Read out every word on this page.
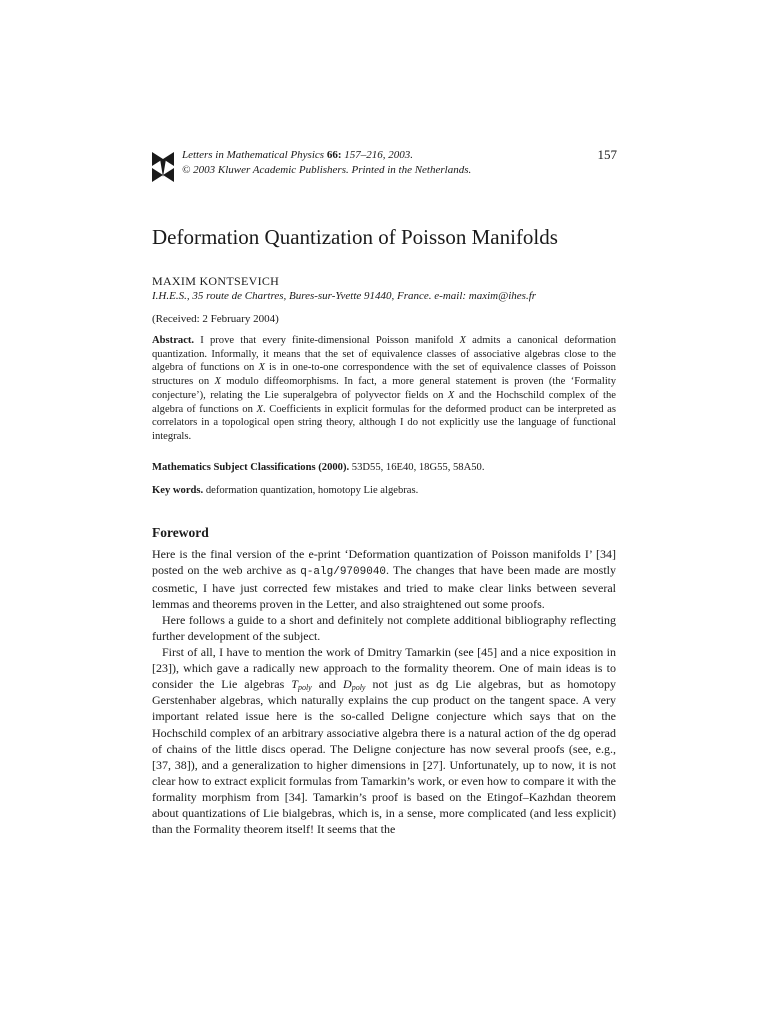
Letters in Mathematical Physics 66: 157–216, 2003.
© 2003 Kluwer Academic Publishers. Printed in the Netherlands.
157
Deformation Quantization of Poisson Manifolds
MAXIM KONTSEVICH
I.H.E.S., 35 route de Chartres, Bures-sur-Yvette 91440, France. e-mail: maxim@ihes.fr
(Received: 2 February 2004)

Abstract. I prove that every finite-dimensional Poisson manifold X admits a canonical deformation quantization. Informally, it means that the set of equivalence classes of associative algebras close to the algebra of functions on X is in one-to-one correspondence with the set of equivalence classes of Poisson structures on X modulo diffeomorphisms. In fact, a more general statement is proven (the ‘Formality conjecture’), relating the Lie superalgebra of polyvector fields on X and the Hochschild complex of the algebra of functions on X. Coefficients in explicit formulas for the deformed product can be interpreted as correlators in a topological open string theory, although I do not explicitly use the language of functional integrals.

Mathematics Subject Classifications (2000). 53D55, 16E40, 18G55, 58A50.
Key words. deformation quantization, homotopy Lie algebras.
Foreword

Here is the final version of the e-print ‘Deformation quantization of Poisson manifolds I’ [34] posted on the web archive as q-alg/9709040. The changes that have been made are mostly cosmetic, I have just corrected few mistakes and tried to make clear links between several lemmas and theorems proven in the Letter, and also straightened out some proofs.

Here follows a guide to a short and definitely not complete additional bibliography reflecting further development of the subject.

First of all, I have to mention the work of Dmitry Tamarkin (see [45] and a nice exposition in [23]), which gave a radically new approach to the formality theorem. One of main ideas is to consider the Lie algebras $T_{poly}$ and $D_{poly}$ not just as dg Lie algebras, but as homotopy Gerstenhaber algebras, which naturally explains the cup product on the tangent space. A very important related issue here is the so-called Deligne conjecture which says that on the Hochschild complex of an arbitrary associative algebra there is a natural action of the dg operad of chains of the little discs operad. The Deligne conjecture has now several proofs (see, e.g., [37, 38]), and a generalization to higher dimensions in [27]. Unfortunately, up to now, it is not clear how to extract explicit formulas from Tamarkin’s work, or even how to compare it with the formality morphism from [34]. Tamarkin’s proof is based on the Etingof–Kazhdan theorem about quantizations of Lie bialgebras, which is, in a sense, more complicated (and less explicit) than the Formality theorem itself! It seems that the
